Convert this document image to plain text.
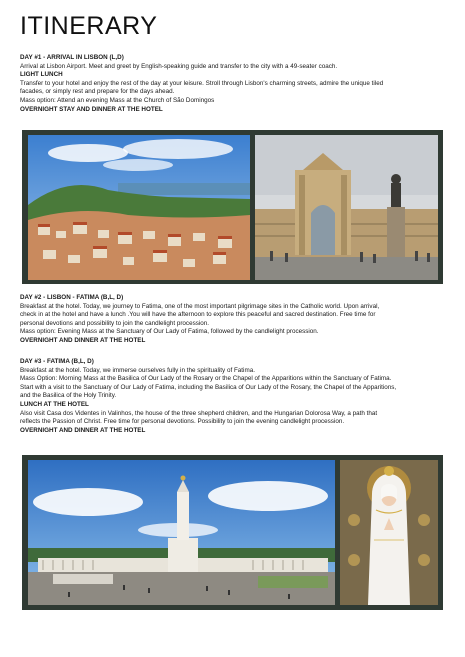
ITINERARY

DAY #1 - ARRIVAL IN LISBON (L,D)

Arrival at Lisbon Airport. Meet and greet by English-speaking guide and transfer to the city with a 49-seater coach.

LIGHT LUNCH

Transfer to your hotel and enjoy the rest of the day at your leisure. Stroll through Lisbon's charming streets, admire the unique tiled

facades, or simply rest and prepare for the days ahead.

Mass option: Attend an evening Mass at the Church of São Domingos

OVERNIGHT STAY AND DINNER AT THE HOTEL

DAY #2 - LISBON - FATIMA (B,L, D)

Breakfast at the hotel. Today, we journey to Fatima, one of the most important pilgrimage sites in the Catholic world. Upon arrival,

check in at the hotel and have a lunch .You will have the afternoon to explore this peaceful and sacred destination. Free time for

personal devotions and possibility to join the candlelight procession.

Mass option: Evening Mass at the Sanctuary of Our Lady of Fatima, followed by the candlelight procession.

OVERNIGHT AND DINNER AT THE HOTEL

DAY #3 - FATIMA (B,L, D)

Breakfast at the hotel. Today, we immerse ourselves fully in the spirituality of Fatima.

Mass Option: Morning Mass at the Basilica of Our Lady of the Rosary or the Chapel of the Apparitions within the Sanctuary of Fatima.

Start with a visit to the Sanctuary of Our Lady of Fatima, including the Basilica of Our Lady of the Rosary, the Chapel of the Apparitions,

and the Basilica of the Holy Trinity.

LUNCH AT THE HOTEL

Also visit Casa dos Videntes in Valinhos, the house of the three shepherd children, and the Hungarian Dolorosa Way, a path that

reflects the Passion of Christ. Free time for personal devotions. Possibility to join the evening candlelight procession.

OVERNIGHT AND DINNER AT THE HOTEL
